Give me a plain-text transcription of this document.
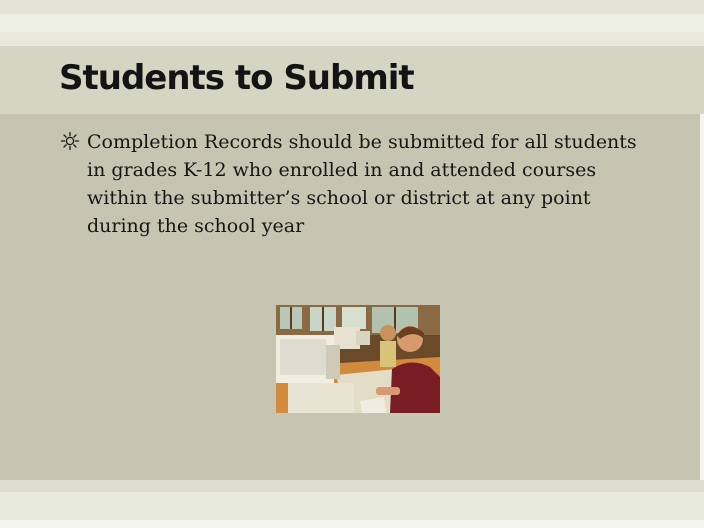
Students to Submit

Completion Records should be submitted for all students in grades K-12 who enrolled in and attended courses within the submitter’s school or district at any point during the school year
